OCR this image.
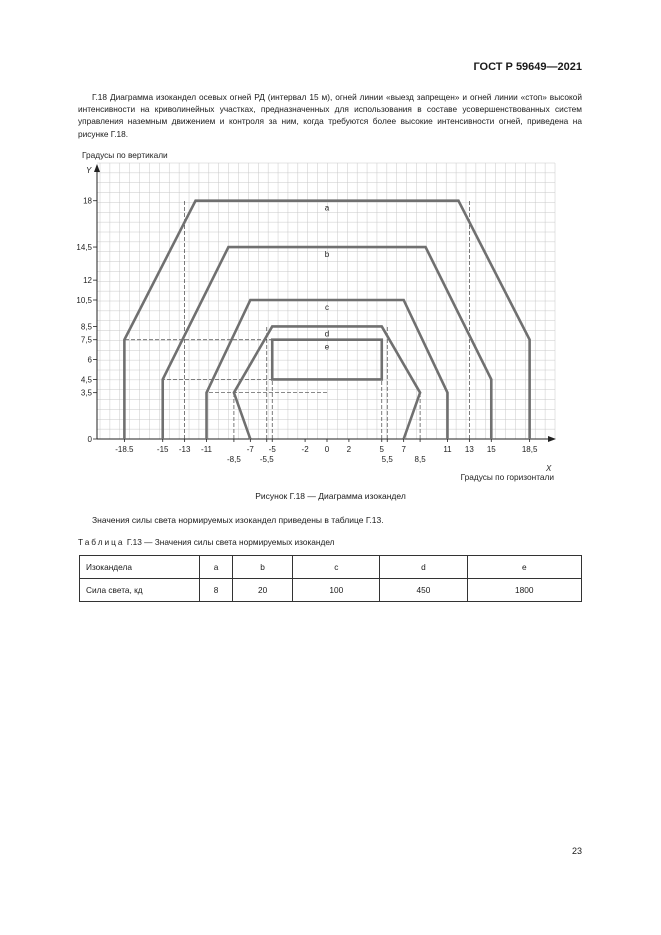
ГОСТ Р 59649—2021
Г.18 Диаграмма изокандел осевых огней РД (интервал 15 м), огней линии «выезд запрещен» и огней линии «стоп» высокой интенсивности на криволинейных участках, предназначенных для использования в составе усовершенствованных систем управления наземным движением и контроля за ним, когда требуются более высокие интенсивности огней, приведена на рисунке Г.18.
Градусы по вертикали
Y
X
Градусы по горизонтали
0
3,5
4,5
6
7,5
8,5
10,5
12
14,5
18
-18.5	-15 -13 -11
-8,5
-7
-5,5
-5	-2 0 2	5
5,5
7
8,5
11 13 15	18,5
a
b
c
d
e
Рисунок Г.18 — Диаграмма изокандел
Значения силы света нормируемых изокандел приведены в таблице Г.13.
Таблица Г.13 — Значения силы света нормируемых изокандел
Изокандела	a	b	c	d	e
Сила света, кд	8	20	100	450	1800
23
